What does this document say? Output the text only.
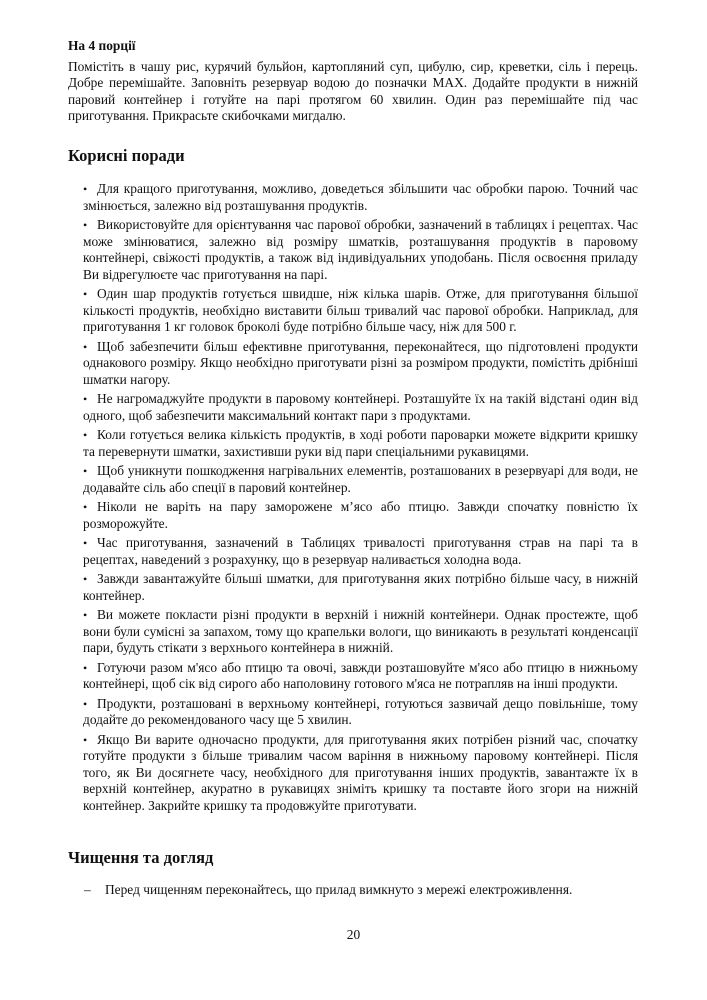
На 4 порції

Помістіть в чашу рис, курячий бульйон, картопляний суп, цибулю, сир, креветки, сіль і перець. Добре перемішайте. Заповніть резервуар водою до позначки MAX. Додайте продукти в нижній паровий контейнер і готуйте на парі протягом 60 хвилин. Один раз перемішайте під час приготування. Прикрасьте скибочками мигдалю.

Корисні поради
• Для кращого приготування, можливо, доведеться збільшити час обробки парою. Точний час змінюється, залежно від розташування продуктів.
• Використовуйте для орієнтування час парової обробки, зазначений в таблицях і рецептах. Час може змінюватися, залежно від розміру шматків, розташування продуктів в паровому контейнері, свіжості продуктів, а також від індивідуальних уподобань. Після освоєння приладу Ви відрегулюєте час приготування на парі.
• Один шар продуктів готується швидше, ніж кілька шарів. Отже, для приготування більшої кількості продуктів, необхідно виставити більш тривалий час парової обробки. Наприклад, для приготування 1 кг головок броколі буде потрібно більше часу, ніж для 500 г.
• Щоб забезпечити більш ефективне приготування, переконайтеся, що підготовлені продукти однакового розміру. Якщо необхідно приготувати різні за розміром продукти, помістіть дрібніші шматки нагору.
• Не нагромаджуйте продукти в паровому контейнері. Розташуйте їх на такій відстані один від одного, щоб забезпечити максимальний контакт пари з продуктами.
• Коли готується велика кількість продуктів, в ході роботи пароварки можете відкрити кришку та перевернути шматки, захистивши руки від пари спеціальними рукавицями.
• Щоб уникнути пошкодження нагрівальних елементів, розташованих в резервуарі для води, не додавайте сіль або спеції в паровий контейнер.
• Ніколи не варіть на пару заморожене м’ясо або птицю. Завжди спочатку повністю їх розморожуйте.
• Час приготування, зазначений в Таблицях тривалості приготування страв на парі та в рецептах, наведений з розрахунку, що в резервуар наливається холодна вода.
• Завжди завантажуйте більші шматки, для приготування яких потрібно більше часу, в нижній контейнер.
• Ви можете покласти різні продукти в верхній і нижній контейнери. Однак простежте, щоб вони були сумісні за запахом, тому що крапельки вологи, що виникають в результаті конденсації пари, будуть стікати з верхнього контейнера в нижній.
• Готуючи разом м'ясо або птицю та овочі, завжди розташовуйте м'ясо або птицю в нижньому контейнері, щоб сік від сирого або наполовину готового м'яса не потрапляв на інші продукти.
• Продукти, розташовані в верхньому контейнері, готуються зазвичай дещо повільніше, тому додайте до рекомендованого часу ще 5 хвилин.
• Якщо Ви варите одночасно продукти, для приготування яких потрібен різний час, спочатку готуйте продукти з більше тривалим часом варіння в нижньому паровому контейнері. Після того, як Ви досягнете часу, необхідного для приготування інших продуктів, завантажте їх в верхній контейнер, акуратно в рукавицях зніміть кришку та поставте його згори на нижній контейнер. Закрийте кришку та продовжуйте приготувати.
Чищення та догляд
– Перед чищенням переконайтесь, що прилад вимкнуто з мережі електроживлення.
20
